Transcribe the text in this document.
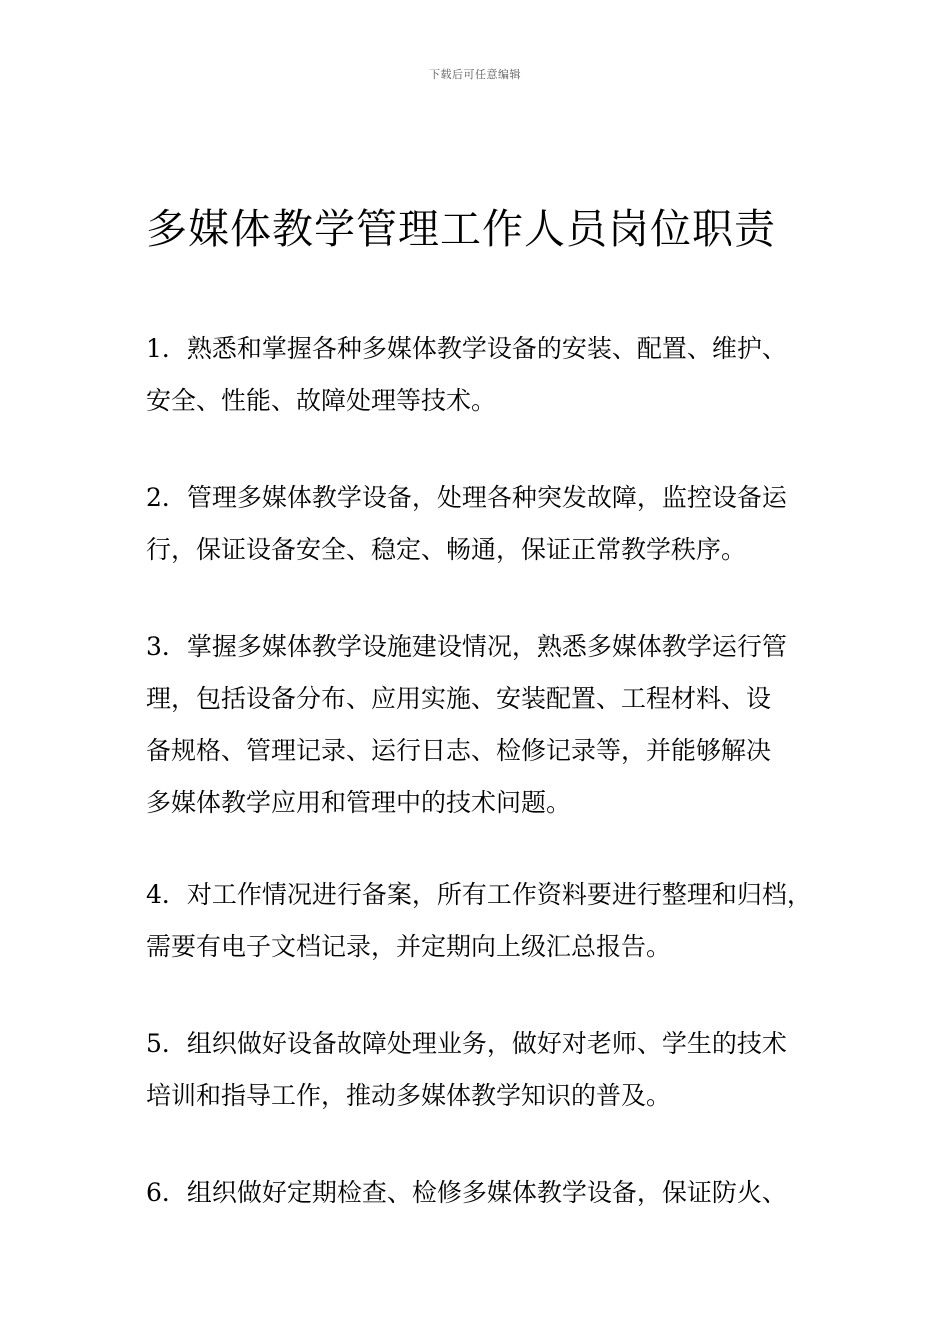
下载后可任意编辑
多媒体教学管理工作人员岗位职责
1．熟悉和掌握各种多媒体教学设备的安装、配置、维护、
安全、性能、故障处理等技术。
2．管理多媒体教学设备，处理各种突发故障，监控设备运
行，保证设备安全、稳定、畅通，保证正常教学秩序。
3．掌握多媒体教学设施建设情况，熟悉多媒体教学运行管
理，包括设备分布、应用实施、安装配置、工程材料、设
备规格、管理记录、运行日志、检修记录等，并能够解决
多媒体教学应用和管理中的技术问题。
4．对工作情况进行备案，所有工作资料要进行整理和归档，
需要有电子文档记录，并定期向上级汇总报告。
5．组织做好设备故障处理业务，做好对老师、学生的技术
培训和指导工作，推动多媒体教学知识的普及。
6．组织做好定期检查、检修多媒体教学设备，保证防火、
